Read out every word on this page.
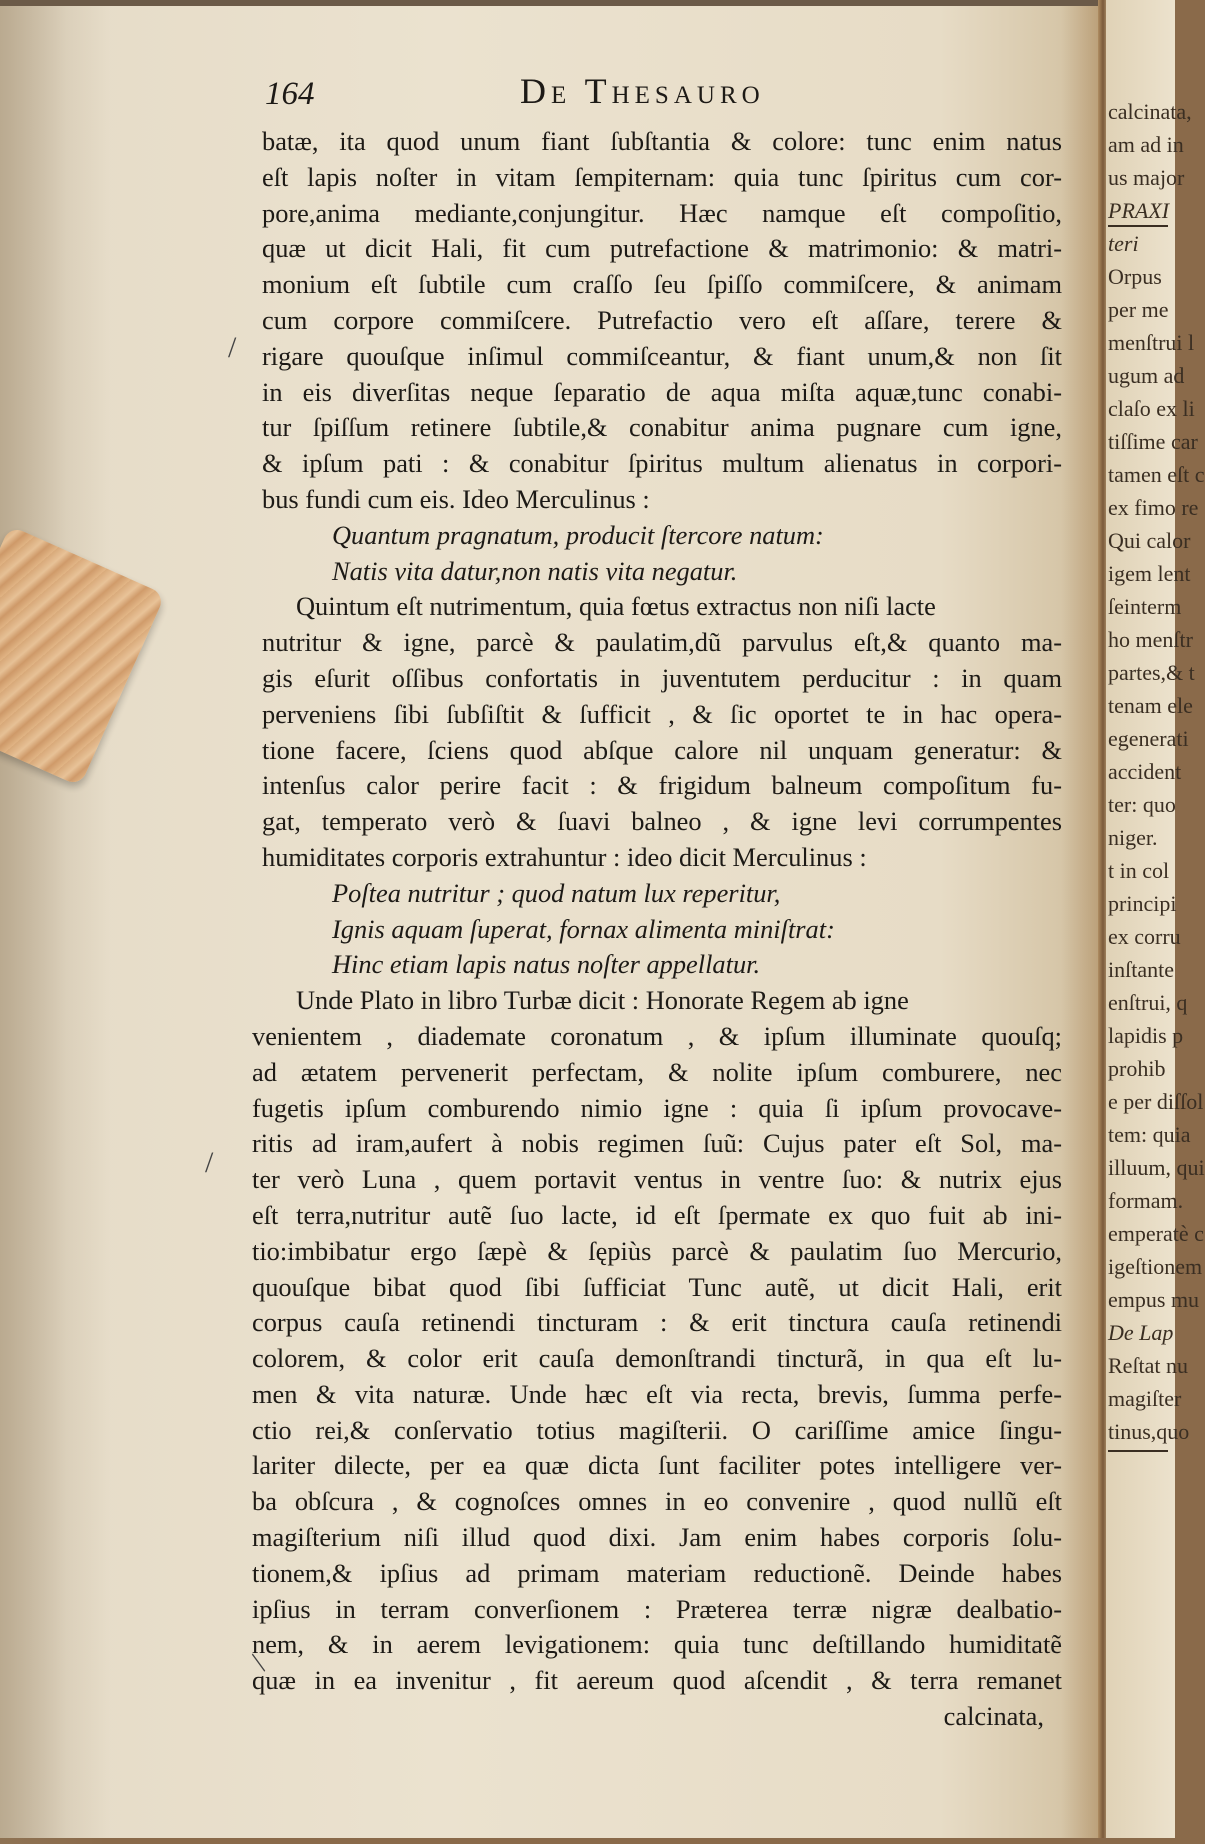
/
/
/
164	De Thesauro
batæ, ita quod unum fiant ſubſtantia & colore: tunc enim natus
eſt lapis noſter in vitam ſempiternam: quia tunc ſpiritus cum cor-
pore,anima mediante,conjungitur. Hæc namque eſt compoſitio,
quæ ut dicit Hali, fit cum putrefactione & matrimonio: & matri-
monium eſt ſubtile cum craſſo ſeu ſpiſſo commiſcere, & animam
cum corpore commiſcere. Putrefactio vero eſt aſſare, terere &
rigare quouſque inſimul commiſceantur, & fiant unum,& non ſit
in eis diverſitas neque ſeparatio de aqua miſta aquæ,tunc conabi-
tur ſpiſſum retinere ſubtile,& conabitur anima pugnare cum igne,
& ipſum pati : & conabitur ſpiritus multum alienatus in corpori-
bus fundi cum eis. Ideo Merculinus :
Quantum pragnatum, producit ſtercore natum:
Natis vita datur,non natis vita negatur.
Quintum eſt nutrimentum, quia fœtus extractus non niſi lacte
nutritur & igne, parcè & paulatim,dũ parvulus eſt,& quanto ma-
gis eſurit oſſibus confortatis in juventutem perducitur : in quam
perveniens ſibi ſubſiſtit & ſufficit , & ſic oportet te in hac opera-
tione facere, ſciens quod abſque calore nil unquam generatur: &
intenſus calor perire facit : & frigidum balneum compoſitum fu-
gat, temperato verò & ſuavi balneo , & igne levi corrumpentes
humiditates corporis extrahuntur : ideo dicit Merculinus :
Poſtea nutritur ; quod natum lux reperitur,
Ignis aquam ſuperat, fornax alimenta miniſtrat:
Hinc etiam lapis natus noſter appellatur.
Unde Plato in libro Turbæ dicit : Honorate Regem ab igne
venientem , diademate coronatum , & ipſum illuminate quouſq;
ad ætatem pervenerit perfectam, & nolite ipſum comburere, nec
fugetis ipſum comburendo nimio igne : quia ſi ipſum provocave-
ritis ad iram,aufert à nobis regimen ſuũ: Cujus pater eſt Sol, ma-
ter verò Luna , quem portavit ventus in ventre ſuo: & nutrix ejus
eſt terra,nutritur autẽ ſuo lacte, id eſt ſpermate ex quo fuit ab ini-
tio:imbibatur ergo ſæpè & ſępiùs parcè & paulatim ſuo Mercurio,
quouſque bibat quod ſibi ſufficiat Tunc autẽ, ut dicit Hali, erit
corpus cauſa retinendi tincturam : & erit tinctura cauſa retinendi
colorem, & color erit cauſa demonſtrandi tincturã, in qua eſt lu-
men & vita naturæ. Unde hæc eſt via recta, brevis, ſumma perfe-
ctio rei,& conſervatio totius magiſterii. O cariſſime amice ſingu-
lariter dilecte, per ea quæ dicta ſunt faciliter potes intelligere ver-
ba obſcura , & cognoſces omnes in eo convenire , quod nullũ eſt
magiſterium niſi illud quod dixi. Jam enim habes corporis ſolu-
tionem,& ipſius ad primam materiam reductionẽ. Deinde habes
ipſius in terram converſionem : Præterea terræ nigræ dealbatio-
nem, & in aerem levigationem: quia tunc deſtillando humiditatẽ
quæ in ea invenitur , fit aereum quod aſcendit , & terra remanet
calcinata,
calcinata,
am ad in
us major
PRAXI
teri
Orpus
per me
menſtrui l
ugum ad
claſo ex li
tiſſime car
tamen eſt c
ex fimo re
Qui calor
igem lent
ſeinterm
ho menſtr
partes,& t
tenam ele
egenerati
accident
ter: quo
niger.
t in col
principi
ex corru
inſtante
enſtrui, q
lapidis p
prohib
e per diſſol
tem: quia
illuum, qui
formam.
emperatè c
igeſtionem
empus mu
De Lap
Reſtat nu
magiſter
tinus,quo
